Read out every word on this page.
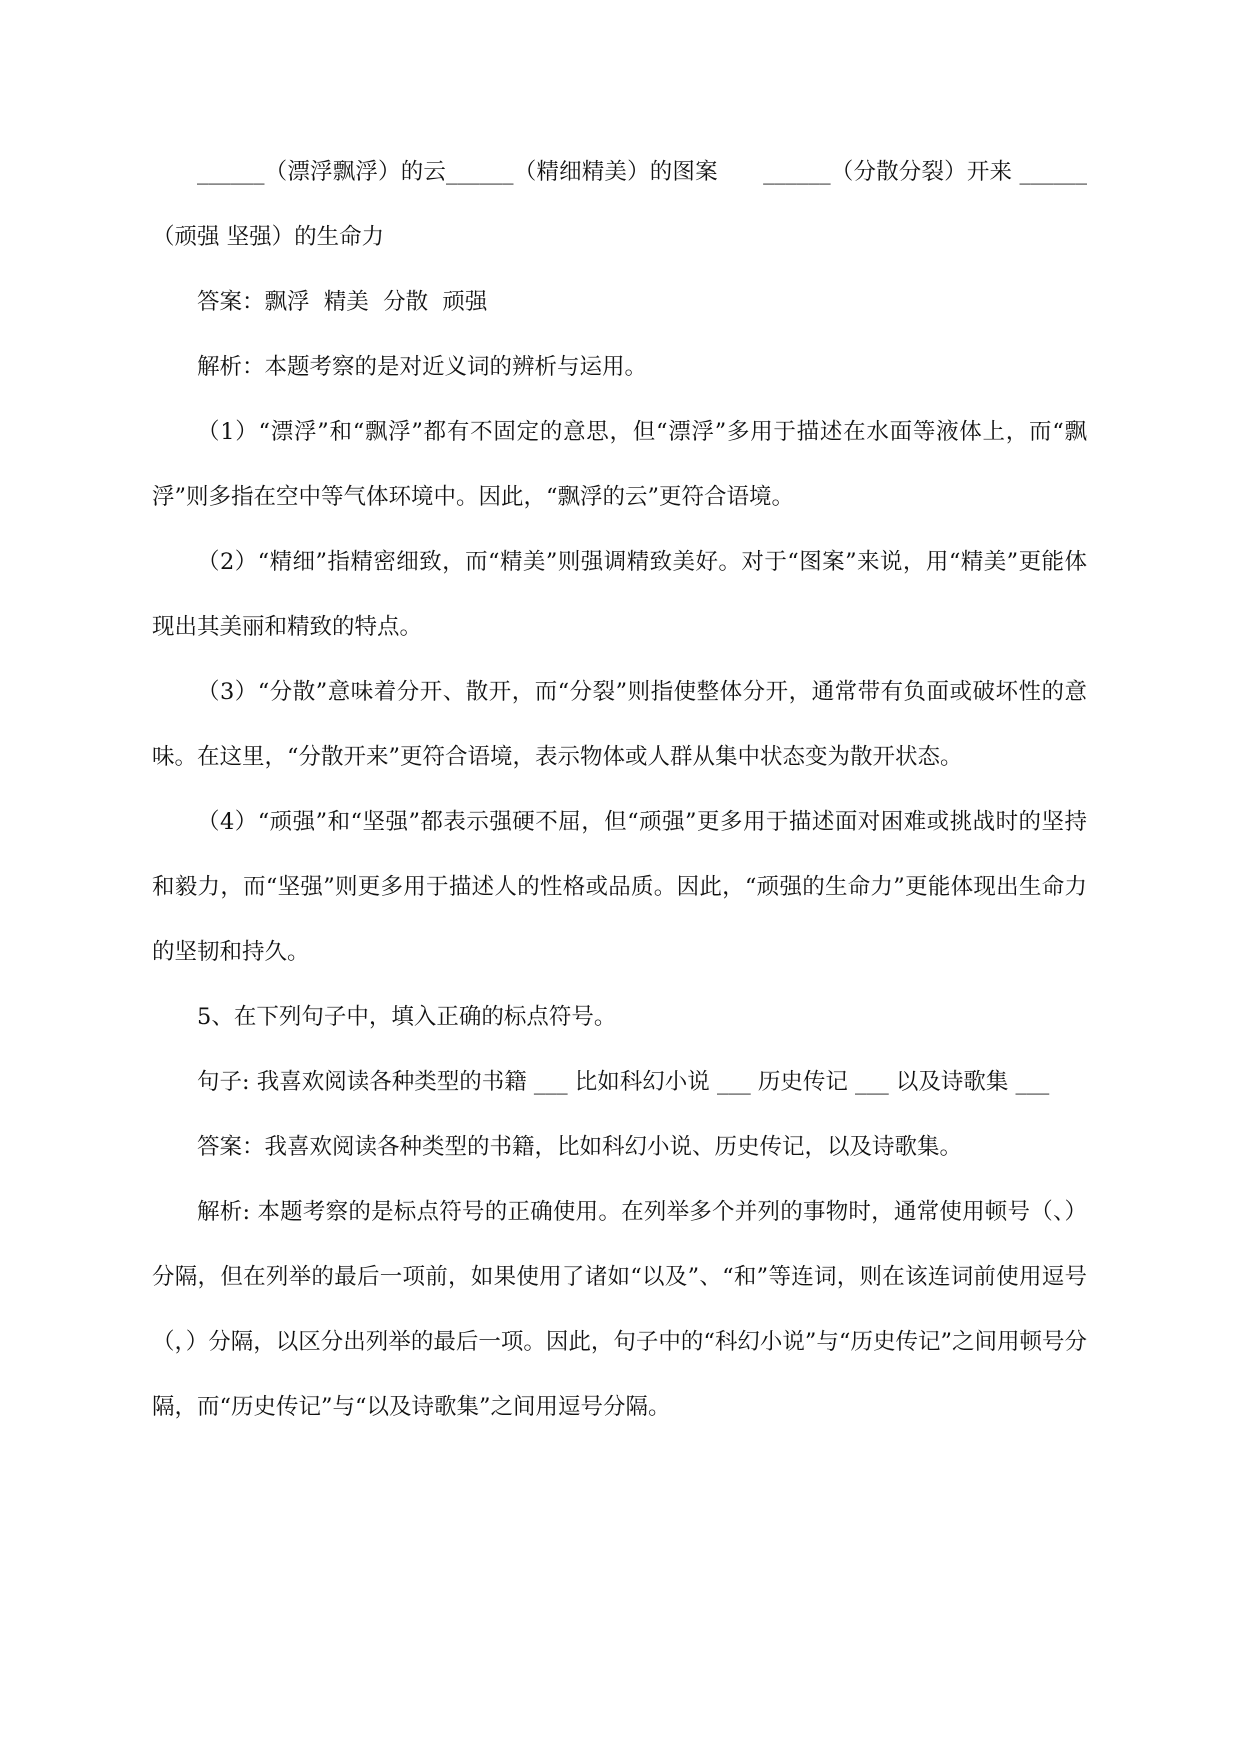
______（漂浮飘浮）的云______（精细精美）的图案　　______（分散分裂）开来 ______（顽强 坚强）的生命力

答案：飘浮  精美  分散  顽强

解析：本题考察的是对近义词的辨析与运用。

（1）“漂浮”和“飘浮”都有不固定的意思，但“漂浮”多用于描述在水面等液体上，而“飘浮”则多指在空中等气体环境中。因此，“飘浮的云”更符合语境。

（2）“精细”指精密细致，而“精美”则强调精致美好。对于“图案”来说，用“精美”更能体现出其美丽和精致的特点。

（3）“分散”意味着分开、散开，而“分裂”则指使整体分开，通常带有负面或破坏性的意味。在这里，“分散开来”更符合语境，表示物体或人群从集中状态变为散开状态。

（4）“顽强”和“坚强”都表示强硬不屈，但“顽强”更多用于描述面对困难或挑战时的坚持和毅力，而“坚强”则更多用于描述人的性格或品质。因此，“顽强的生命力”更能体现出生命力的坚韧和持久。

5、在下列句子中，填入正确的标点符号。

句子: 我喜欢阅读各种类型的书籍 ___ 比如科幻小说 ___ 历史传记 ___ 以及诗歌集 ___

答案：我喜欢阅读各种类型的书籍，比如科幻小说、历史传记，以及诗歌集。

解析: 本题考察的是标点符号的正确使用。在列举多个并列的事物时，通常使用顿号（、）分隔，但在列举的最后一项前，如果使用了诸如“以及”、“和”等连词，则在该连词前使用逗号（，）分隔，以区分出列举的最后一项。因此，句子中的“科幻小说”与“历史传记”之间用顿号分隔，而“历史传记”与“以及诗歌集”之间用逗号分隔。
